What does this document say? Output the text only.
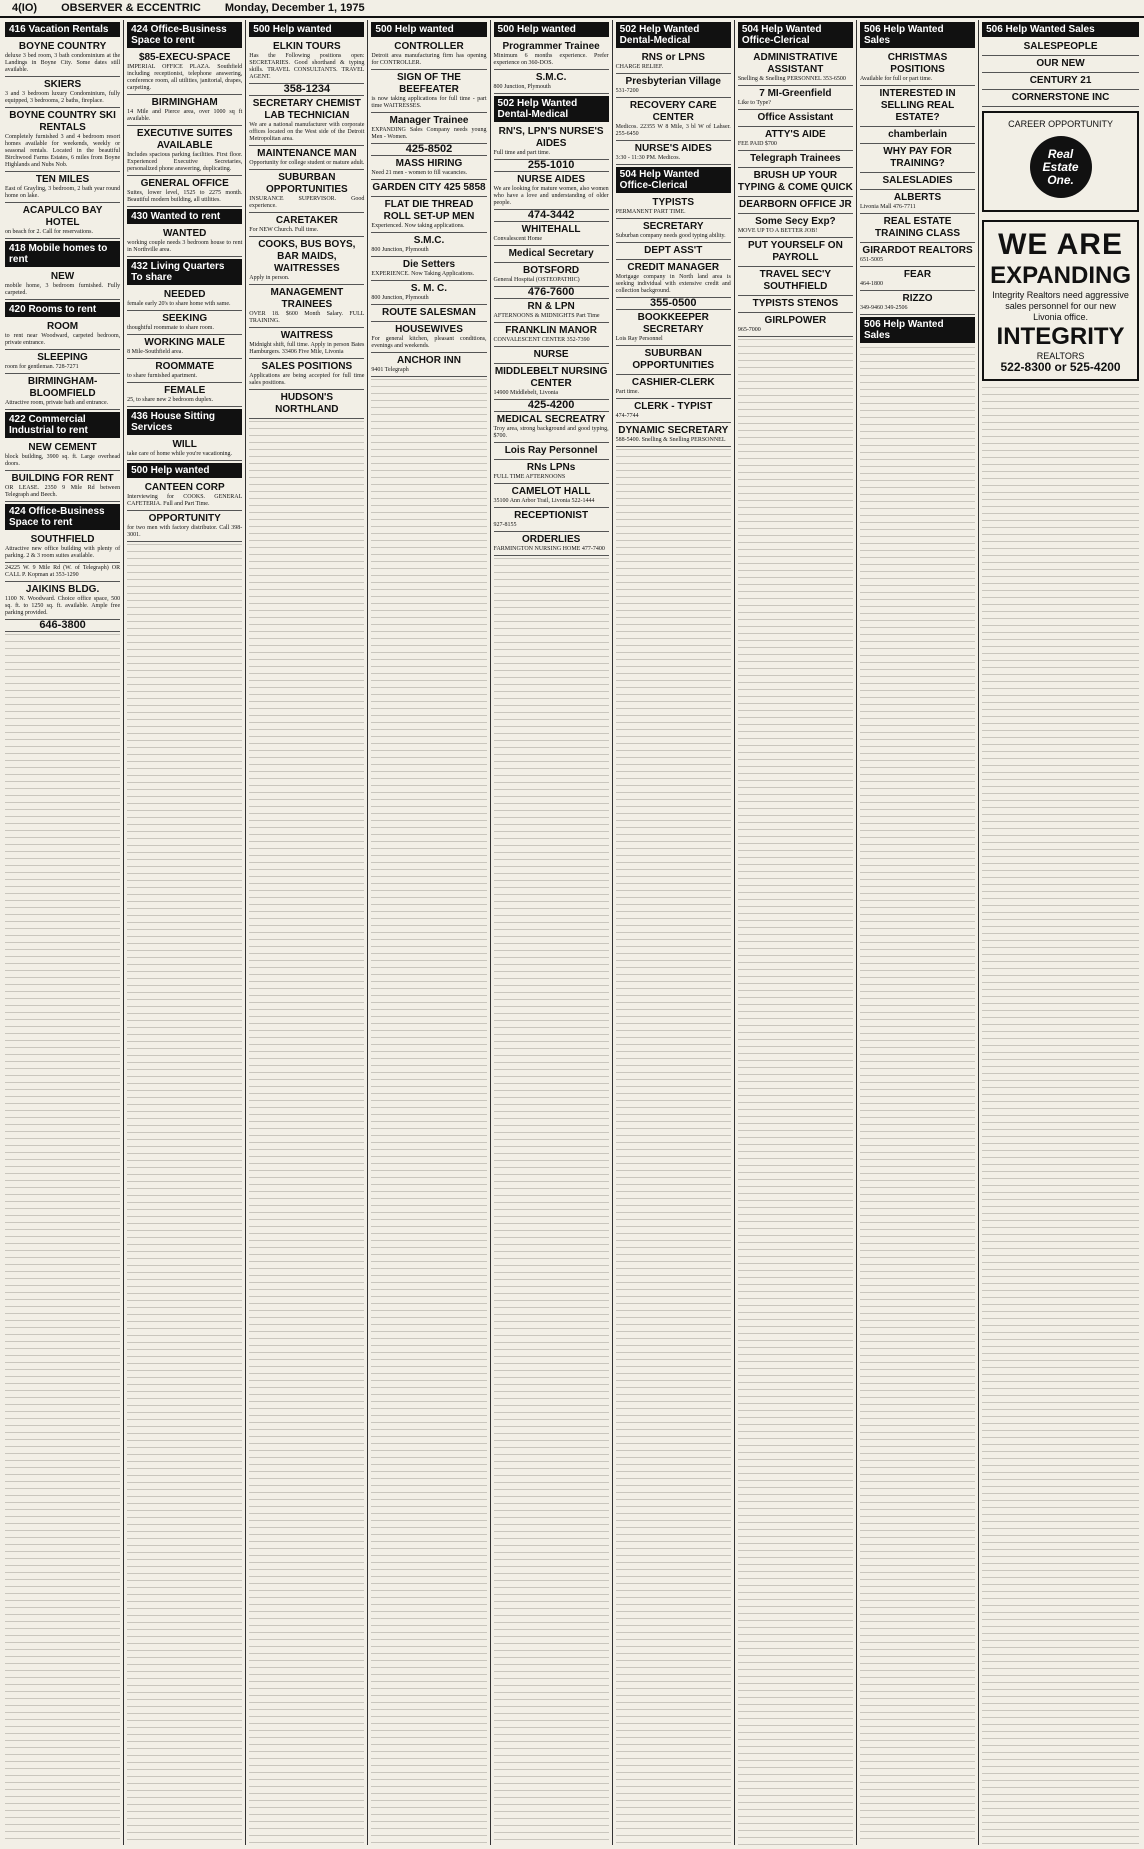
4(IO)	OBSERVER & ECCENTRIC	Monday, December 1, 1975
416 Vacation Rentals
BOYNE COUNTRY
deluxe 3 bed room, 3 bath condominium at the Landings in Boyne City. Some dates still available.
SKIERS
3 and 3 bedroom luxury Condominium, fully equipped, 3 bedrooms, 2 baths, fireplace.
BOYNE COUNTRY SKI RENTALS
Completely furnished 3 and 4 bedroom resort homes available for weekends, weekly or seasonal rentals. Located in the beautiful Birchwood Farms Estates, 6 miles from Boyne Highlands and Nubs Nob.
TEN MILES
East of Grayling, 3 bedroom, 2 bath year round home on lake.
ACAPULCO BAY HOTEL
on beach for 2. Call for reservations.
418 Mobile homes to rent
NEW
mobile home, 3 bedroom furnished. Fully carpeted.
420 Rooms to rent
ROOM
to rent near Woodward, carpeted bedroom, private entrance.
SLEEPING
room for gentleman. 728-7271
BIRMINGHAM-BLOOMFIELD
Attractive room, private bath and entrance.
422 Commercial Industrial to rent
NEW CEMENT
block building, 3900 sq. ft. Large overhead doors.
BUILDING FOR RENT
OR LEASE. 2350 9 Mile Rd between Telegraph and Beech.
424 Office-Business Space to rent
SOUTHFIELD
Attractive new office building with plenty of parking. 2 & 3 room suites available.
24225 W. 9 Mile Rd (W. of Telegraph) OR CALL P. Kopman at 353-1290
JAIKINS BLDG.
1100 N. Woodward. Choice office space, 500 sq. ft. to 1250 sq. ft. available. Ample free parking provided.
646-3800
424 Office-Business Space to rent
$85-EXECU-SPACE
IMPERIAL OFFICE PLAZA. Southfield including receptionist, telephone answering, conference room, all utilities, janitorial, drapes, carpeting.
BIRMINGHAM
14 Mile and Pierce area, over 1000 sq ft available.
EXECUTIVE SUITES AVAILABLE
Includes spacious parking facilities. First floor. Experienced Executive Secretaries, personalized phone answering, duplicating.
GENERAL OFFICE
Suites, lower level, 1525 to 2275 month. Beautiful modern building, all utilities.
430 Wanted to rent
WANTED
working couple needs 3 bedroom house to rent in Northville area.
432 Living Quarters To share
NEEDED
female early 20's to share home with same.
SEEKING
thoughtful roommate to share room.
WORKING MALE
8 Mile-Southfield area.
ROOMMATE
to share furnished apartment.
FEMALE
25, to share new 2 bedroom duplex.
436 House Sitting Services
WILL
take care of home while you're vacationing.
500 Help wanted
CANTEEN CORP
Interviewing for COOKS. GENERAL CAFETERIA. Full and Part Time.
OPPORTUNITY
for two men with factory distributor. Call 398-3001.
500 Help wanted
ELKIN TOURS
Has the Following positions open: SECRETARIES. Good shorthand & typing skills. TRAVEL CONSULTANTS. TRAVEL AGENT.
358-1234
SECRETARY CHEMIST LAB TECHNICIAN
We are a national manufacturer with corporate offices located on the West side of the Detroit Metropolitan area.
MAINTENANCE MAN
Opportunity for college student or mature adult.
SUBURBAN OPPORTUNITIES
INSURANCE SUPERVISOR. Good experience.
CARETAKER
For NEW Church. Full time.
COOKS, BUS BOYS, BAR MAIDS, WAITRESSES
Apply in person.
MANAGEMENT TRAINEES
OVER 18. $600 Month Salary. FULL TRAINING.
WAITRESS
Midnight shift, full time. Apply in person Bates Hamburgers. 33406 Five Mile, Livonia
SALES POSITIONS
Applications are being accepted for full time sales positions.
HUDSON'S NORTHLAND
500 Help wanted
CONTROLLER
Detroit area manufacturing firm has opening for CONTROLLER.
SIGN OF THE BEEFEATER
is now taking applications for full time - part time WAITRESSES.
Manager Trainee
EXPANDING Sales Company needs young Men - Women.
425-8502
MASS HIRING
Need 21 men - women to fill vacancies.
GARDEN CITY 425 5858
FLAT DIE THREAD ROLL SET-UP MEN
Experienced. Now taking applications.
S.M.C.
800 Junction, Plymouth
Die Setters
EXPERIENCE. Now Taking Applications.
S. M. C.
800 Junction, Plymouth
ROUTE SALESMAN
HOUSEWIVES
For general kitchen, pleasant conditions, evenings and weekends.
ANCHOR INN
9401 Telegraph
500 Help wanted
Programmer Trainee
Minimum 6 months experience. Prefer experience on 360-DOS.
S.M.C.
800 Junction, Plymouth
502 Help Wanted Dental-Medical
RN'S, LPN'S NURSE'S AIDES
Full time and part time.
255-1010
NURSE AIDES
We are looking for mature women, also women who have a love and understanding of older people.
474-3442
WHITEHALL
Convalescent Home
Medical Secretary
BOTSFORD
General Hospital (OSTEOPATHIC)
476-7600
RN & LPN
AFTERNOONS & MIDNIGHTS Part Time
FRANKLIN MANOR
CONVALESCENT CENTER 352-7390
NURSE
MIDDLEBELT NURSING CENTER
14900 Middlebelt, Livonia
425-4200
MEDICAL SECREATRY
Troy area, strong background and good typing, $700.
Lois Ray Personnel
RNs LPNs
FULL TIME AFTERNOONS
CAMELOT HALL
35100 Ann Arbor Trail, Livonia 522-1444
RECEPTIONIST
927-8155
ORDERLIES
FARMINGTON NURSING HOME 477-7400
502 Help Wanted Dental-Medical
RNS or LPNS
CHARGE RELIEF.
Presbyterian Village
531-7200
RECOVERY CARE CENTER
Medicos. 22355 W 8 Mile, 3 bl W of Lahser. 255-6450
NURSE'S AIDES
3:30 - 11:30 PM. Medicos.
504 Help Wanted Office-Clerical
TYPISTS
PERMANENT PART TIME.
SECRETARY
Suburban company needs good typing ability.
DEPT ASS'T
CREDIT MANAGER
Mortgage company in North land area is seeking individual with extensive credit and collection background.
355-0500
BOOKKEEPER SECRETARY
Lois Ray Personnel
SUBURBAN OPPORTUNITIES
CASHIER-CLERK
Part time.
CLERK - TYPIST
474-7744
DYNAMIC SECRETARY
588-5400. Snelling & Snelling PERSONNEL
504 Help Wanted Office-Clerical
ADMINISTRATIVE ASSISTANT
Snelling & Snelling PERSONNEL 353-6500
7 MI-Greenfield
Like to Type?
Office Assistant
ATTY'S AIDE
FEE PAID $700
Telegraph Trainees
BRUSH UP YOUR TYPING & COME QUICK
DEARBORN OFFICE JR
Some Secy Exp?
MOVE UP TO A BETTER JOB!
PUT YOURSELF ON PAYROLL
TRAVEL SEC'Y SOUTHFIELD
TYPISTS STENOS
GIRLPOWER
965-7000
506 Help Wanted Sales
CHRISTMAS POSITIONS
Available for full or part time.
INTERESTED IN SELLING REAL ESTATE?
chamberlain
WHY PAY FOR TRAINING?
SALESLADIES
ALBERTS
Livonia Mall 476-7711
REAL ESTATE TRAINING CLASS
GIRARDOT REALTORS
651-5005
FEAR
464-1800
RIZZO
349-9460 349-2506
506 Help Wanted Sales
506 Help Wanted Sales
SALESPEOPLE
OUR NEW
CENTURY 21
CORNERSTONE INC
CAREER OPPORTUNITY
Real Estate One.
WE ARE
EXPANDING
Integrity Realtors need aggressive sales personnel for our new Livonia office.
INTEGRITY
REALTORS
522-8300 or 525-4200
